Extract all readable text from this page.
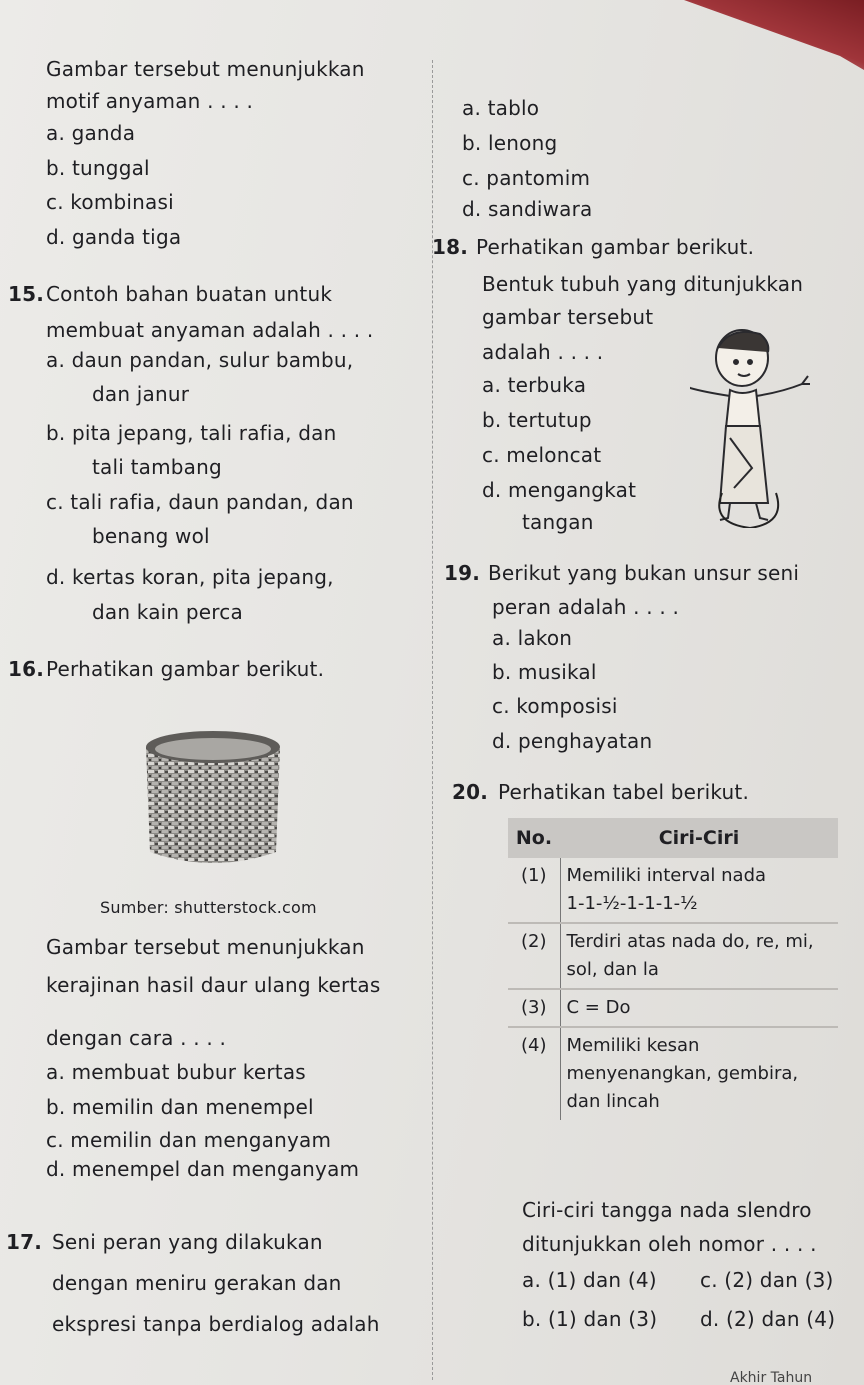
Gambar tersebut menunjukkan
motif anyaman . . . .
a. ganda
b. tunggal
c. kombinasi
d. ganda tiga
15. Contoh bahan buatan untuk
membuat anyaman adalah . . . .
a. daun pandan, sulur bambu,
dan janur
b. pita jepang, tali rafia, dan
tali tambang
c. tali rafia, daun pandan, dan
benang wol
d. kertas koran, pita jepang,
dan kain perca
16. Perhatikan gambar berikut.
Sumber: shutterstock.com
Gambar tersebut menunjukkan
kerajinan hasil daur ulang kertas
dengan cara . . . .
a. membuat bubur kertas
b. memilin dan menempel
c. memilin dan menganyam
d. menempel dan menganyam
17. Seni peran yang dilakukan
dengan meniru gerakan dan
ekspresi tanpa berdialog adalah
a. tablo
b. lenong
c. pantomim
d. sandiwara
18. Perhatikan gambar berikut.
Bentuk tubuh yang ditunjukkan
gambar tersebut
adalah . . . .
a. terbuka
b. tertutup
c. meloncat
d. mengangkat
tangan
19. Berikut yang bukan unsur seni
peran adalah . . . .
a. lakon
b. musikal
c. komposisi
d. penghayatan
20. Perhatikan tabel berikut.
No.	Ciri-Ciri
(1)	Memiliki interval nada
1-1-½-1-1-1-½

(2)	Terdiri atas nada do, re, mi,
sol, dan la

(3)	C = Do

(4)	Memiliki kesan
menyenangkan, gembira,
dan lincah
Ciri-ciri tangga nada slendro
ditunjukkan oleh nomor . . . .
a. (1) dan (4)
b. (1) dan (3)
c. (2) dan (3)
d. (2) dan (4)
Akhir Tahun
